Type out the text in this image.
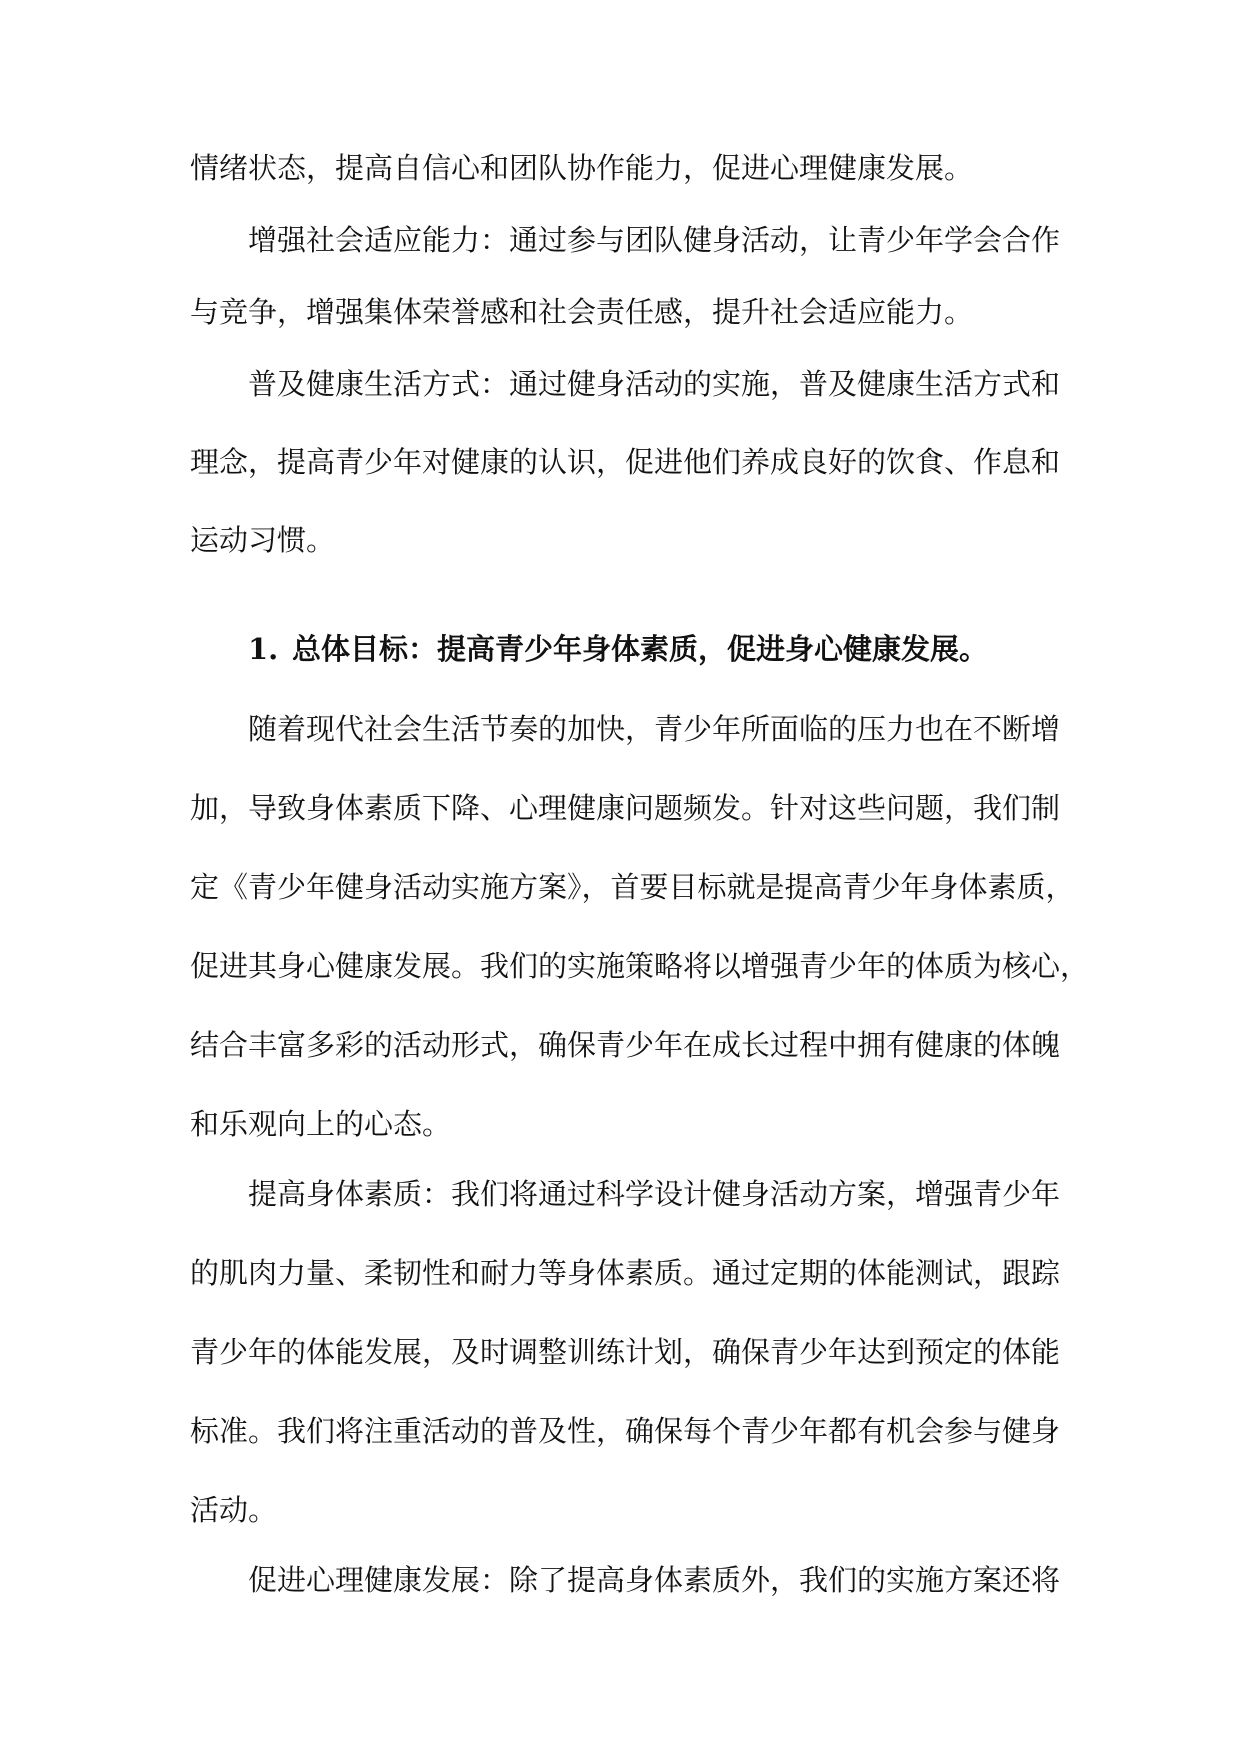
情绪状态，提高自信心和团队协作能力，促进心理健康发展。

增强社会适应能力：通过参与团队健身活动，让青少年学会合作

与竞争，增强集体荣誉感和社会责任感，提升社会适应能力。

普及健康生活方式：通过健身活动的实施，普及健康生活方式和

理念，提高青少年对健康的认识，促进他们养成良好的饮食、作息和

运动习惯。

1. 总体目标：提高青少年身体素质，促进身心健康发展。

随着现代社会生活节奏的加快，青少年所面临的压力也在不断增

加，导致身体素质下降、心理健康问题频发。针对这些问题，我们制

定《青少年健身活动实施方案》，首要目标就是提高青少年身体素质，

促进其身心健康发展。我们的实施策略将以增强青少年的体质为核心，

结合丰富多彩的活动形式，确保青少年在成长过程中拥有健康的体魄

和乐观向上的心态。

提高身体素质：我们将通过科学设计健身活动方案，增强青少年

的肌肉力量、柔韧性和耐力等身体素质。通过定期的体能测试，跟踪

青少年的体能发展，及时调整训练计划，确保青少年达到预定的体能

标准。我们将注重活动的普及性，确保每个青少年都有机会参与健身

活动。

促进心理健康发展：除了提高身体素质外，我们的实施方案还将
